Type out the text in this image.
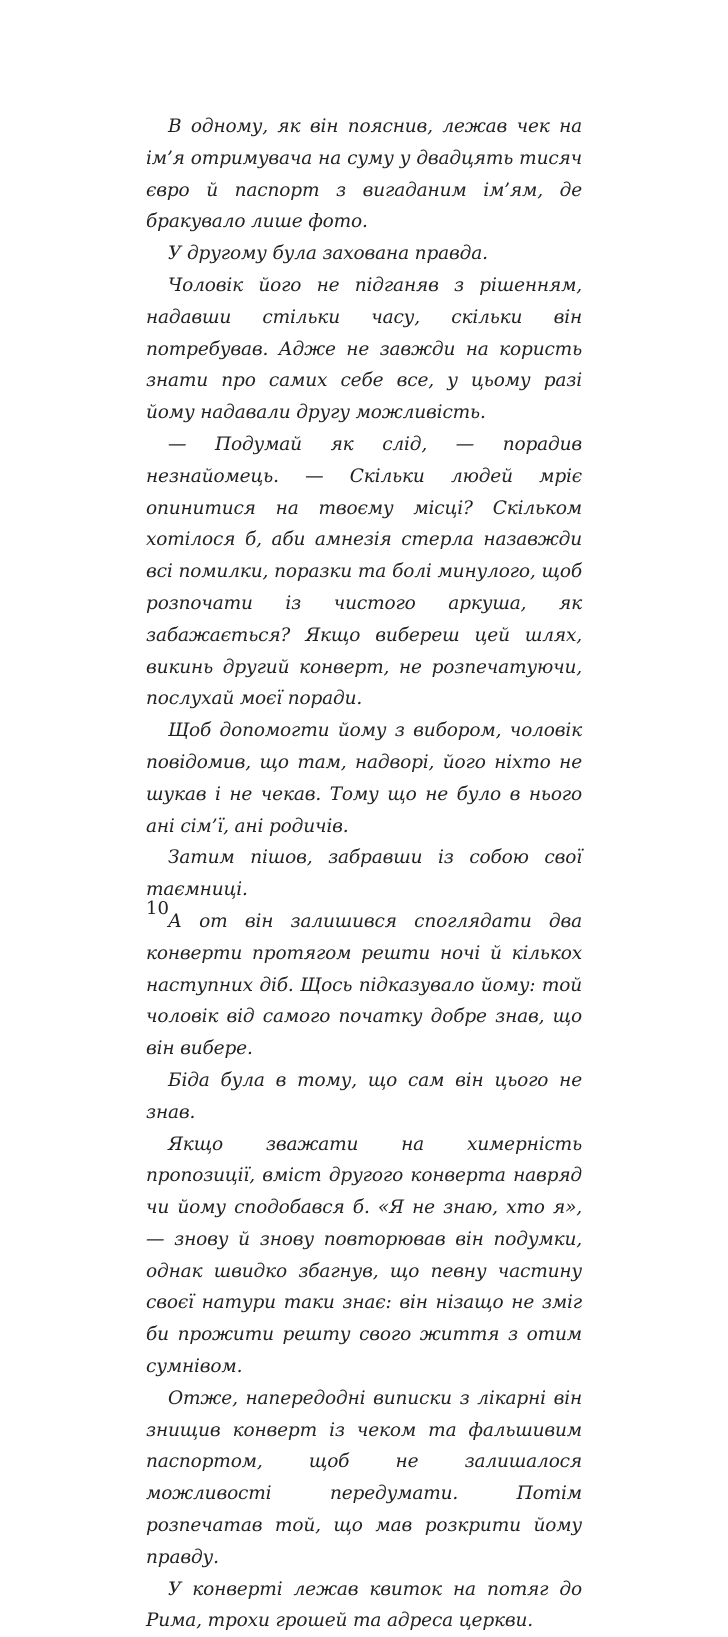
В одному, як він пояснив, лежав чек на ім’я отримувача на суму у двадцять тисяч євро й паспорт з вигаданим ім’ям, де бракувало лише фото.

У другому була захована правда.

Чоловік його не підганяв з рішенням, надавши стільки часу, скільки він потребував. Адже не завжди на користь знати про самих себе все, у цьому разі йому надавали другу можливість.

— Подумай як слід, — порадив незнайомець. — Скільки людей мріє опинитися на твоєму місці? Скільком хотілося б, аби амнезія стерла назавжди всі помилки, поразки та болі минулого, щоб розпочати із чистого аркуша, як забажається? Якщо виберeш цей шлях, викинь другий конверт, не розпечатуючи, послухай моєї поради.

Щоб допомогти йому з вибором, чоловік повідомив, що там, надворі, його ніхто не шукав і не чекав. Тому що не було в нього ані сім’ї, ані родичів.

Затим пішов, забравши із собою свої таємниці.

А от він залишився споглядати два конверти протягом решти ночі й кількох наступних діб. Щось підказувало йому: той чоловік від самого початку добре знав, що він вибере.

Біда була в тому, що сам він цього не знав.

Якщо зважати на химерність пропозиції, вміст другого конверта навряд чи йому сподобався б. «Я не знаю, хто я», — знову й знову повторював він подумки, однак швидко збагнув, що певну частину своєї натури таки знає: він нізащо не зміг би прожити решту свого життя з отим сумнівом.

Отже, напередодні виписки з лікарні він знищив конверт із чеком та фальшивим паспортом, щоб не залишалося можливості передумати. Потім розпечатав той, що мав розкрити йому правду.

У конверті лежав квиток на потяг до Рима, трохи грошей та адреса церкви.

10
